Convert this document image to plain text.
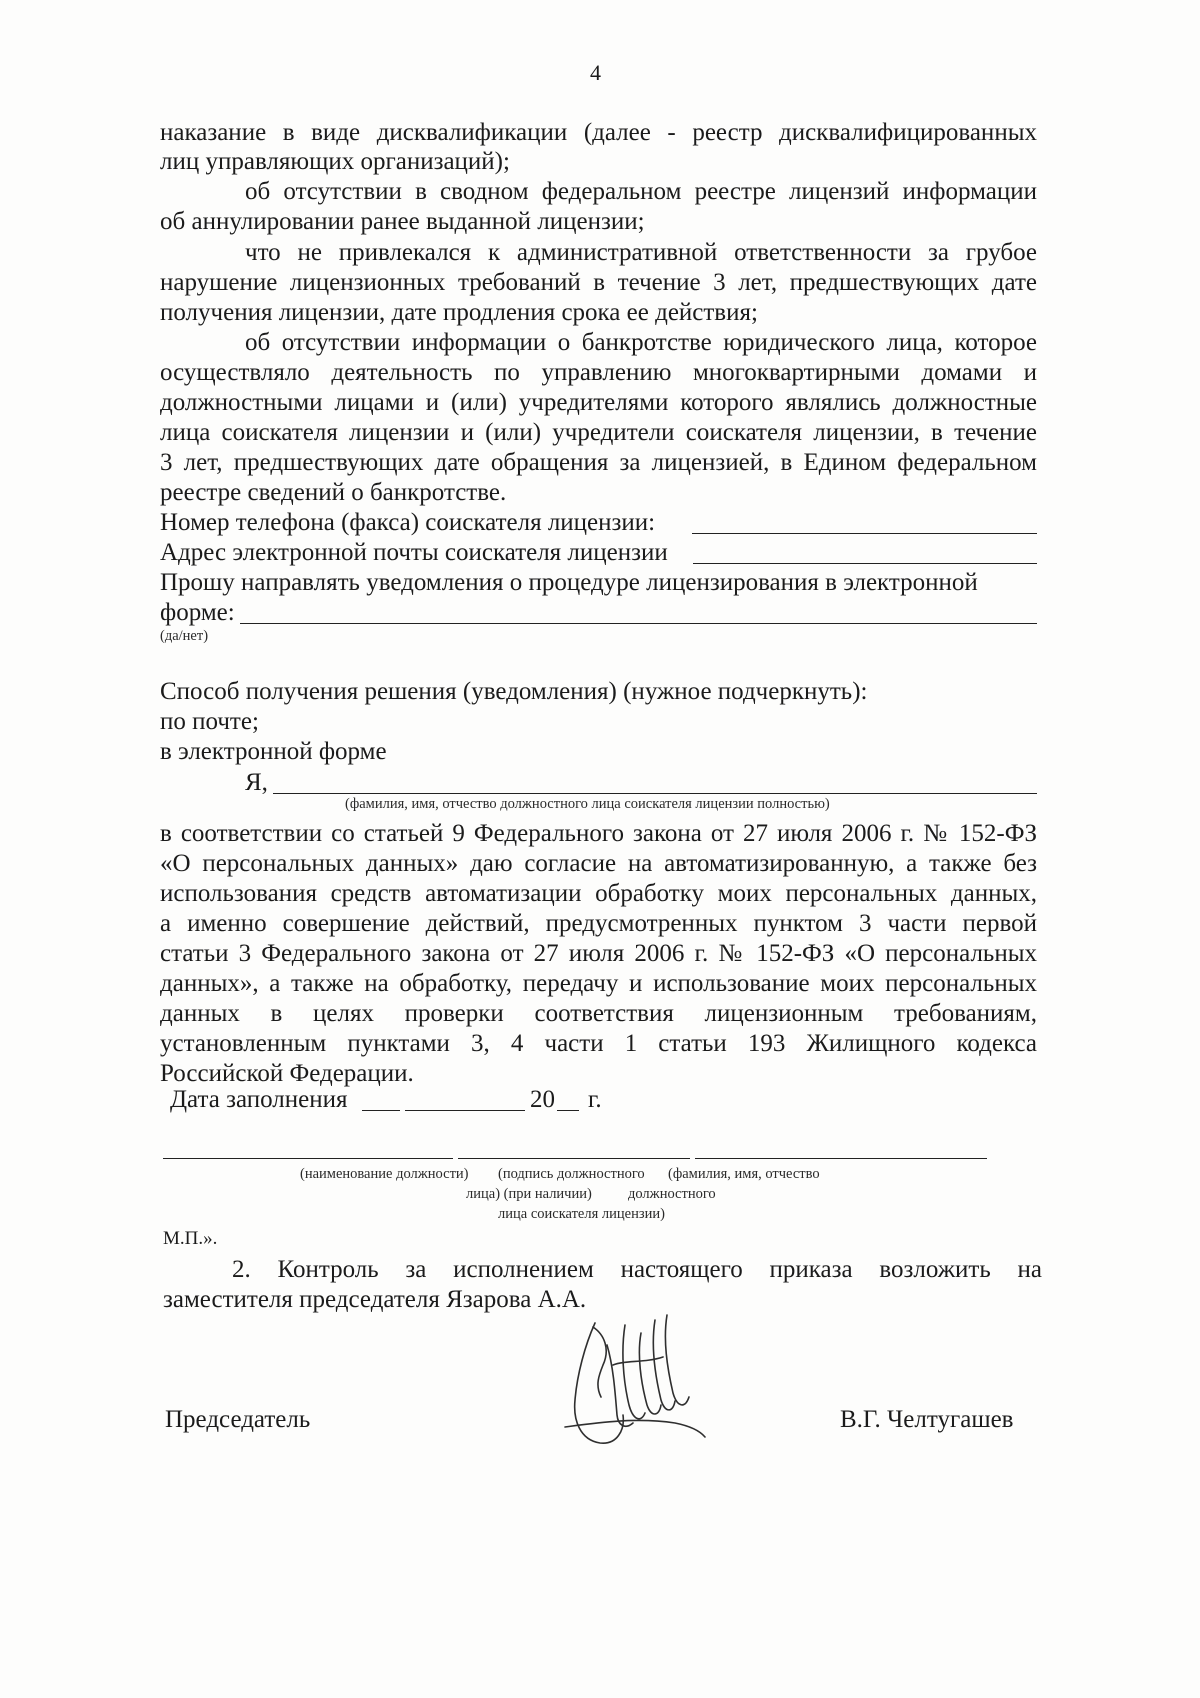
4
наказание в виде дисквалификации (далее - реестр дисквалифицированных
лиц управляющих организаций);
об отсутствии в сводном федеральном реестре лицензий информации
об аннулировании ранее выданной лицензии;
что не привлекался к административной ответственности за грубое
нарушение лицензионных требований в течение 3 лет, предшествующих дате
получения лицензии, дате продления срока ее действия;
об отсутствии информации о банкротстве юридического лица, которое
осуществляло деятельность по управлению многоквартирными домами и
должностными лицами и (или) учредителями которого являлись должностные
лица соискателя лицензии и (или) учредители соискателя лицензии, в течение
3 лет, предшествующих дате обращения за лицензией, в Едином федеральном
реестре сведений о банкротстве.
Номер телефона (факса) соискателя лицензии:
Адрес электронной почты соискателя лицензии
Прошу направлять уведомления о процедуре лицензирования в электронной
форме:
(да/нет)
Способ получения решения (уведомления) (нужное подчеркнуть):
по почте;
в электронной форме
Я,
(фамилия, имя, отчество должностного лица соискателя лицензии полностью)
в соответствии со статьей 9 Федерального закона от 27 июля 2006 г. № 152-ФЗ
«О персональных данных» даю согласие на автоматизированную, а также без
использования средств автоматизации обработку моих персональных данных,
а именно совершение действий, предусмотренных пунктом 3 части первой
статьи 3 Федерального закона от 27 июля 2006 г. № 152-ФЗ «О персональных
данных», а также на обработку, передачу и использование моих персональных
данных в целях проверки соответствия лицензионным требованиям,
установленным пунктами 3, 4 части 1 статьи 193 Жилищного кодекса
Российской Федерации.
Дата заполнения	20 г.
(наименование должности) (подпись должностного
лица) (при наличии)
(фамилия, имя, отчество
должностного
лица соискателя лицензии)
М.П.».
2. Контроль за исполнением настоящего приказа возложить на
заместителя председателя Язарова А.А.
Председатель	В.Г. Челтугашев
